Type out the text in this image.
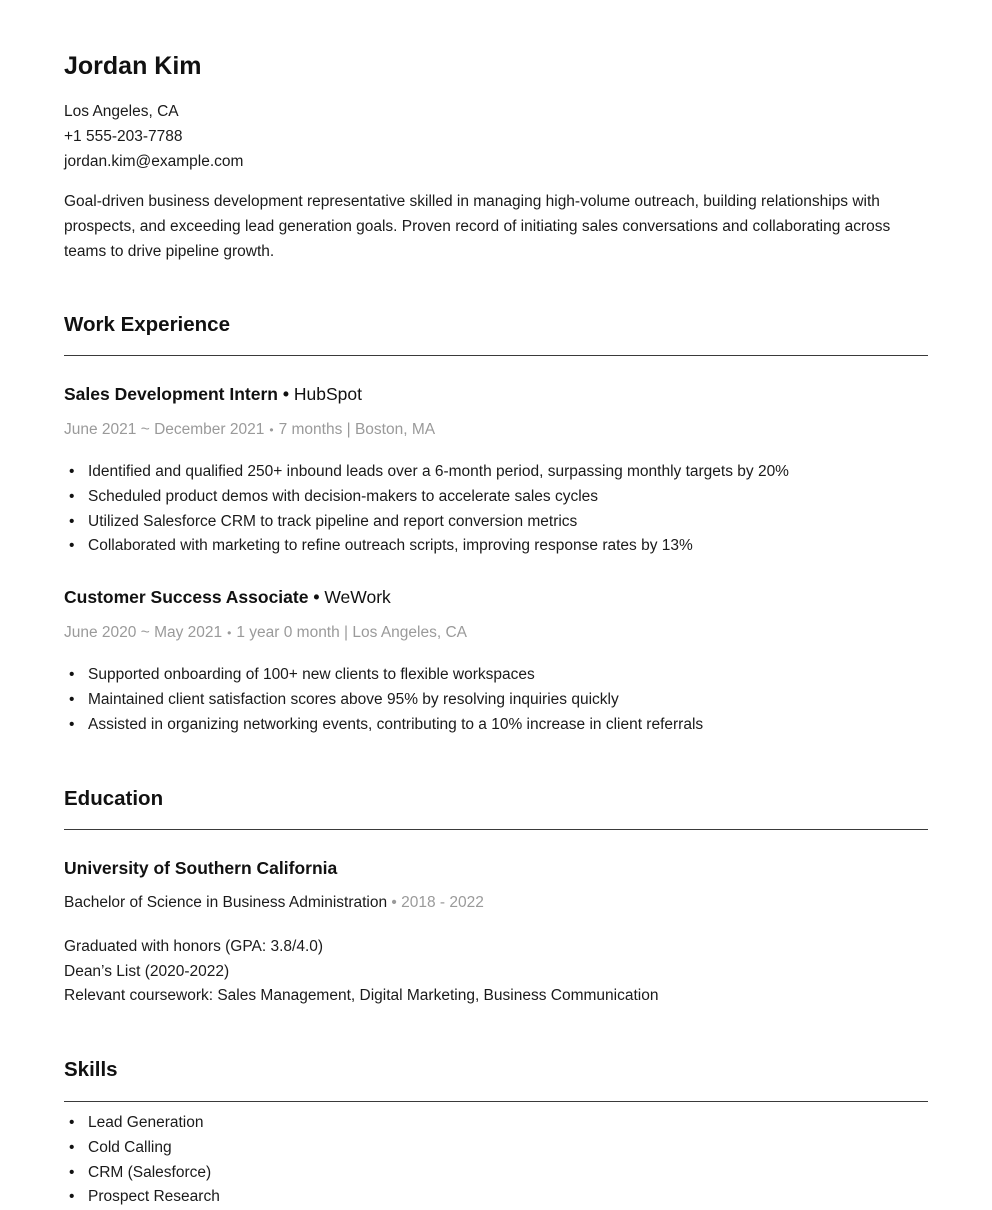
Jordan Kim
Los Angeles, CA
+1 555-203-7788
jordan.kim@example.com
Goal-driven business development representative skilled in managing high-volume outreach, building relationships with prospects, and exceeding lead generation goals. Proven record of initiating sales conversations and collaborating across teams to drive pipeline growth.
Work Experience
Sales Development Intern • HubSpot
June 2021 ~ December 2021 • 7 months | Boston, MA
• Identified and qualified 250+ inbound leads over a 6-month period, surpassing monthly targets by 20%
• Scheduled product demos with decision-makers to accelerate sales cycles
• Utilized Salesforce CRM to track pipeline and report conversion metrics
• Collaborated with marketing to refine outreach scripts, improving response rates by 13%
Customer Success Associate • WeWork
June 2020 ~ May 2021 • 1 year 0 month | Los Angeles, CA
• Supported onboarding of 100+ new clients to flexible workspaces
• Maintained client satisfaction scores above 95% by resolving inquiries quickly
• Assisted in organizing networking events, contributing to a 10% increase in client referrals
Education
University of Southern California
Bachelor of Science in Business Administration • 2018 - 2022
Graduated with honors (GPA: 3.8/4.0)
Dean’s List (2020-2022)
Relevant coursework: Sales Management, Digital Marketing, Business Communication
Skills
• Lead Generation
• Cold Calling
• CRM (Salesforce)
• Prospect Research
